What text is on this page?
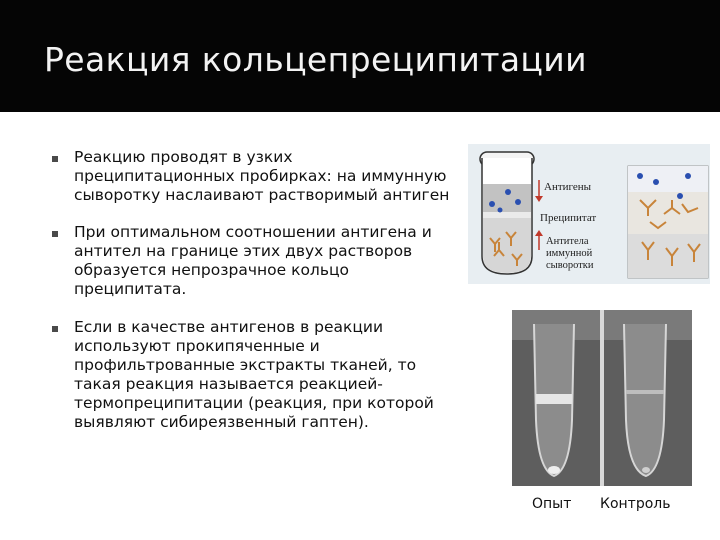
Реакция кольцепреципитации
Реакцию проводят в узких
преципитационных пробирках: на иммунную
сыворотку наслаивают растворимый антиген
При оптимальном соотношении антигена и
антител на границе этих двух растворов
образуется непрозрачное кольцо
преципитата.
Если в качестве антигенов в реакции
используют прокипяченные и
профильтрованные экстракты тканей, то
такая реакция называется реакцией-
термопреципитации (реакция, при которой
выявляют сибиреязвенный гаптен).
Антигены
Преципитат
Антитела
иммунной
сыворотки
Опыт Контроль
